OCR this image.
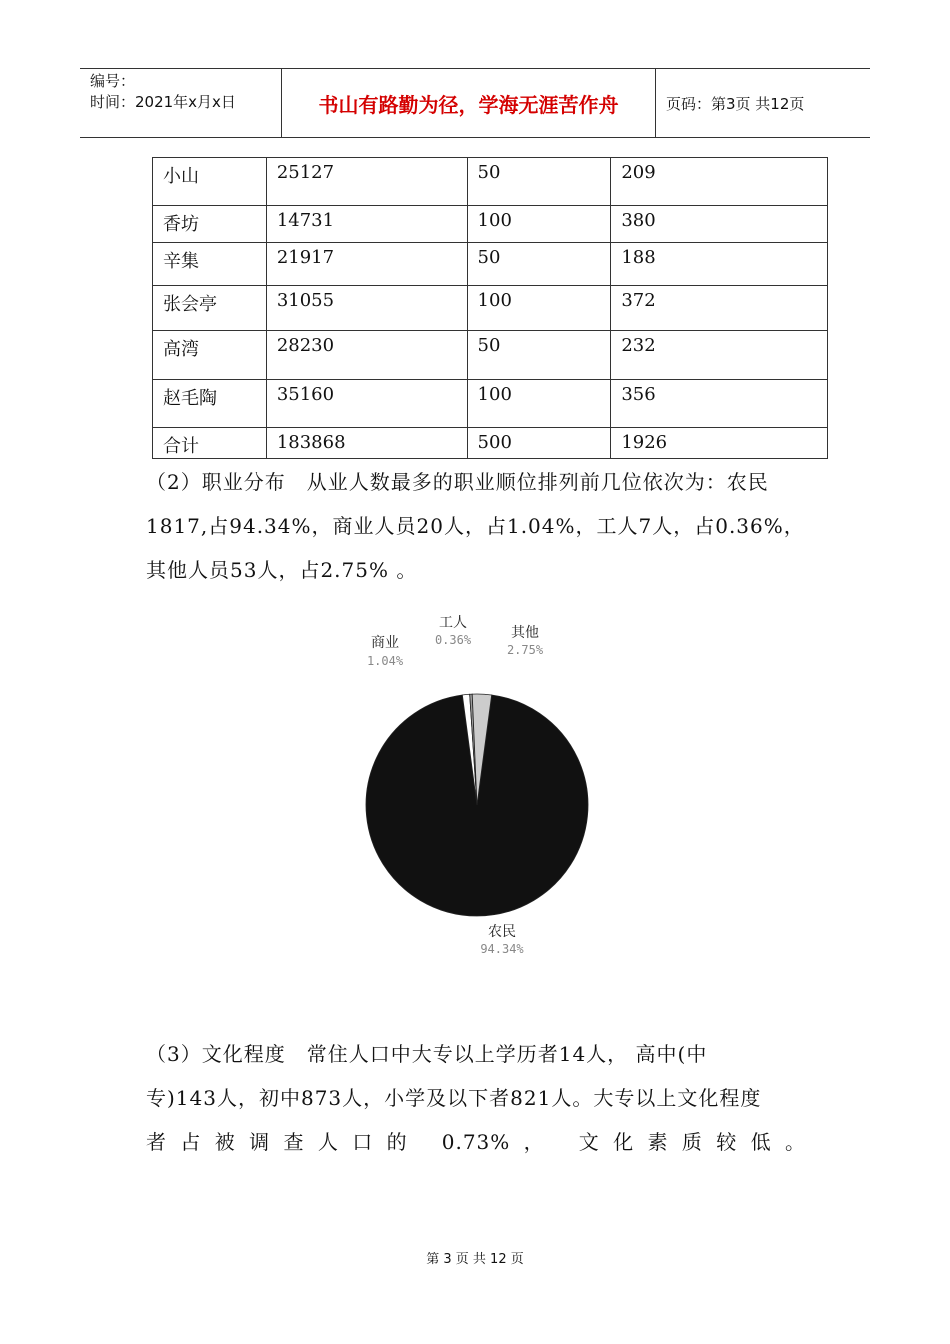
编号：
时间：2021年x月x日	书山有路勤为径，学海无涯苦作舟	页码：第3页 共12页
小山	25127	50	209
香坊	14731	100	380
辛集	21917	50	188
张会亭	31055	100	372
高湾	28230	50	232
赵毛陶	35160	100	356
合计	183868	500	1926
（2）职业分布　从业人数最多的职业顺位排列前几位依次为：农民
1817,占94.34%，商业人员20人，占1.04%，工人7人，占0.36%，
其他人员53人，占2.75% 。
商业
1.04%
工人
0.36%	其他
2.75%
农民
94.34%
（3）文化程度　常住人口中大专以上学历者14人， 高中(中
专)143人，初中873人，小学及以下者821人。大专以上文化程度
者占被调查人口的 0.73%， 文化素质较低。
第 3 页 共 12 页
